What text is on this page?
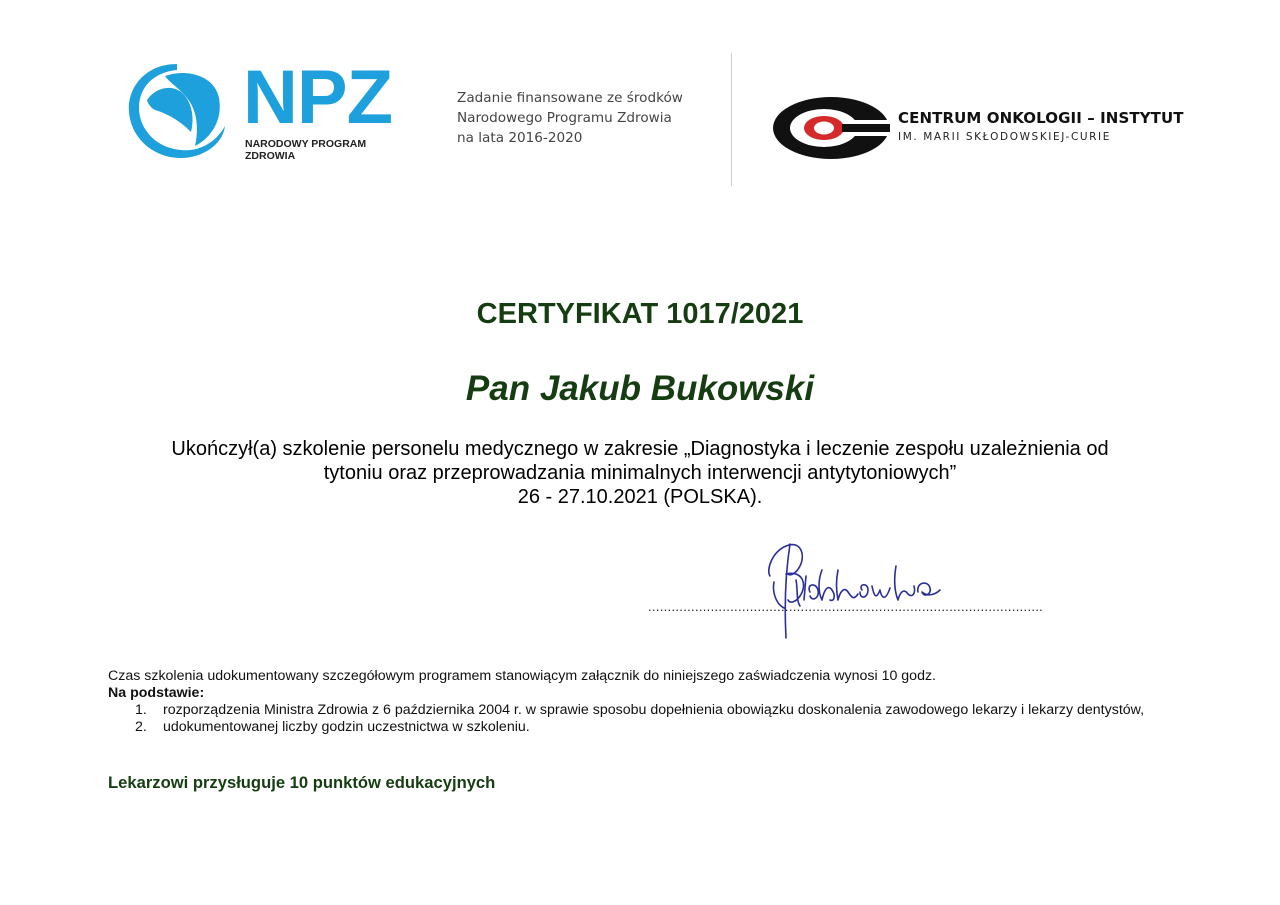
NPZ
NARODOWY PROGRAM ZDROWIA
Zadanie finansowane ze środków
Narodowego Programu Zdrowia
na lata 2016-2020
CENTRUM ONKOLOGII – INSTYTUT
IM. MARII SKŁODOWSKIEJ-CURIE
CERTYFIKAT 1017/2021
Pan Jakub Bukowski
Ukończył(a) szkolenie personelu medycznego w zakresie „Diagnostyka i leczenie zespołu uzależnienia od
tytoniu oraz przeprowadzania minimalnych interwencji antytytoniowych”
26 - 27.10.2021 (POLSKA).
.....................................................................................................
Czas szkolenia udokumentowany szczegółowym programem stanowiącym załącznik do niniejszego zaświadczenia wynosi 10 godz.
Na podstawie:
1. rozporządzenia Ministra Zdrowia z 6 października 2004 r. w sprawie sposobu dopełnienia obowiązku doskonalenia zawodowego lekarzy i lekarzy dentystów,
2. udokumentowanej liczby godzin uczestnictwa w szkoleniu.
Lekarzowi przysługuje 10 punktów edukacyjnych
